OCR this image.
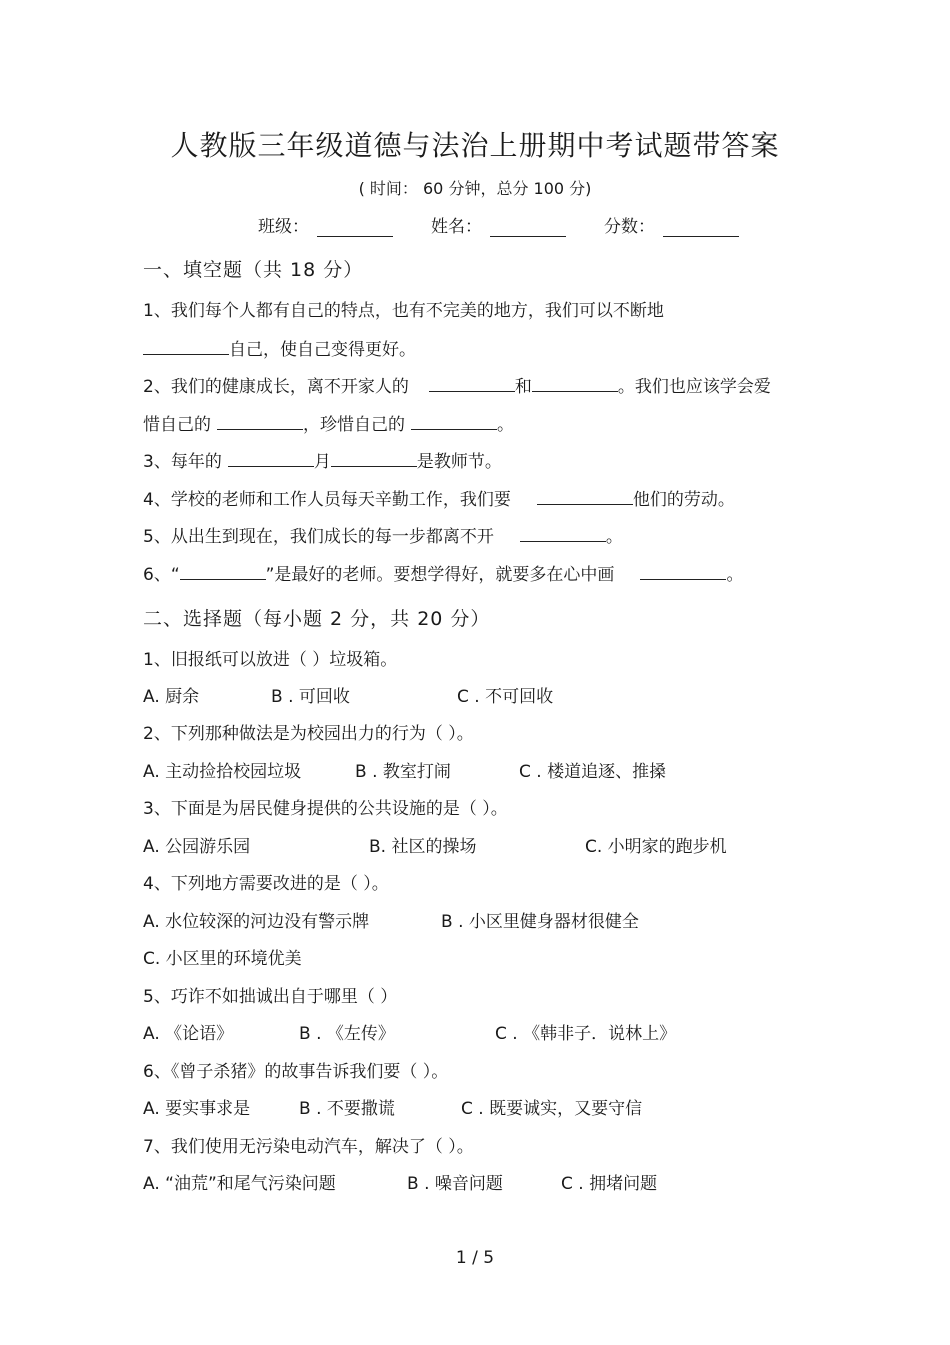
人教版三年级道德与法治上册期中考试题带答案
( 时间： 60 分钟，总分 100 分)
班级：	姓名：	分数：
一、填空题（共 18 分）
1、我们每个人都有自己的特点，也有不完美的地方，我们可以不断地
自己，使自己变得更好。
2、我们的健康成长，离不开家人的	和	。我们也应该学会爱
惜自己的	，珍惜自己的	。
3、每年的	月	是教师节。
4、学校的老师和工作人员每天辛勤工作，我们要	他们的劳动。
5、从出生到现在，我们成长的每一步都离不开	。
6、“	”是最好的老师。要想学得好，就要多在心中画	。
二、选择题（每小题 2 分，共 20 分）
1、旧报纸可以放进（ ）垃圾箱。
A. 厨余	B . 可回收	C . 不可回收
2、下列那种做法是为校园出力的行为（ ）。
A. 主动捡拾校园垃圾	B . 教室打闹	C . 楼道追逐、推搡
3、下面是为居民健身提供的公共设施的是（ ）。
A. 公园游乐园	B. 社区的操场	C. 小明家的跑步机
4、下列地方需要改进的是（ ）。
A. 水位较深的河边没有警示牌	B . 小区里健身器材很健全
C. 小区里的环境优美
5、巧诈不如拙诚出自于哪里（ ）
A. 《论语》	B . 《左传》	C . 《韩非子．说林上》
6、《曾子杀猪》的故事告诉我们要（ ）。
A. 要实事求是	B . 不要撒谎	C . 既要诚实，又要守信
7、我们使用无污染电动汽车，解决了（ ）。
A. “油荒”和尾气污染问题	B . 噪音问题	C . 拥堵问题
1 / 5
